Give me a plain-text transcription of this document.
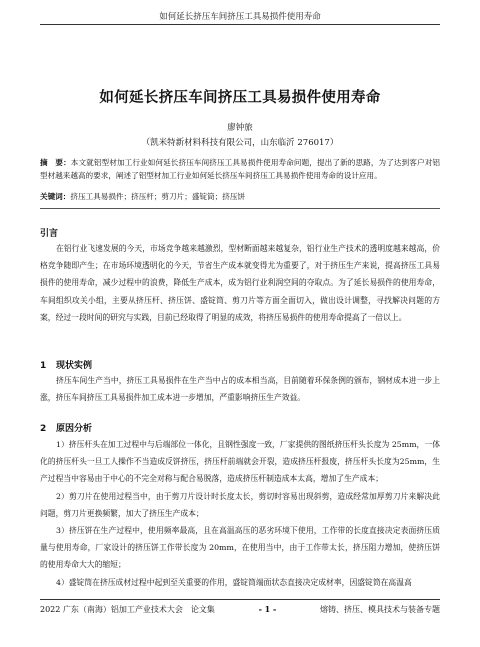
如何延长挤压车间挤压工具易损件使用寿命
如何延长挤压车间挤压工具易损件使用寿命
廖钟旅
（凯米特新材料科技有限公司，山东临沂 276017）
摘　要：本文就铝型材加工行业如何延长挤压车间挤压工具易损件使用寿命问题，提出了新的思路，为了达到客户对铝型材越来越高的要求，阐述了铝型材加工行业如何延长挤压车间挤压工具易损件使用寿命的设计应用。
关键词：挤压工具易损件；挤压杆；剪刀片；盛锭筒；挤压饼
引言
在铝行业飞速发展的今天，市场竞争越来越激烈，型材断面越来越复杂，铝行业生产技术的透明度越来越高，价格竞争随即产生；在市场环境透明化的今天，节省生产成本就变得尤为重要了，对于挤压生产来说，提高挤压工具易损件的使用寿命，减少过程中的浪费，降低生产成本，成为铝行业利润空间的夺取点。为了延长易损件的使用寿命，车间组织攻关小组，主要从挤压杆、挤压饼、盛锭筒、剪刀片等方面全面切入，做出设计调整，寻找解决问题的方案，经过一段时间的研究与实践，目前已经取得了明显的成效，将挤压易损件的使用寿命提高了一倍以上。
1 现状实例
挤压车间生产当中，挤压工具易损件在生产当中占的成本相当高，目前随着环保条例的颁布，钢材成本进一步上涨，挤压车间挤压工具易损件加工成本进一步增加，严重影响挤压生产效益。
2 原因分析
1）挤压杆头在加工过程中与后端部位一体化，且钢性强度一致，厂家提供的图纸挤压杆头长度为 25mm，一体化的挤压杆头一旦工人操作不当造成反饼挤压，挤压杆前端就会开裂，造成挤压杆报废，挤压杆头长度为25mm，生产过程当中容易由于中心的不完全对称与配合易脱落，造成挤压杆制造成本太高，增加了生产成本；
2）剪刀片在使用过程当中，由于剪刀片设计时长度太长，剪切时容易出现斜剪，造成经常加厚剪刀片来解决此问题，剪刀片更换频繁，加大了挤压生产成本；
3）挤压饼在生产过程中，使用频率最高，且在高温高压的恶劣环境下使用，工作带的长度直接决定表面挤压质量与使用寿命，厂家设计的挤压饼工作带长度为 20mm，在使用当中，由于工作带太长，挤压阻力增加，使挤压饼的使用寿命大大的缩短；
4）盛锭筒在挤压成材过程中起到至关重要的作用，盛锭筒端面状态直接决定成材率，因盛锭筒在高温高
2022 广东（南海）铝加工产业技术大会　论文集	- 1 -	熔铸、挤压、模具技术与装备专题
